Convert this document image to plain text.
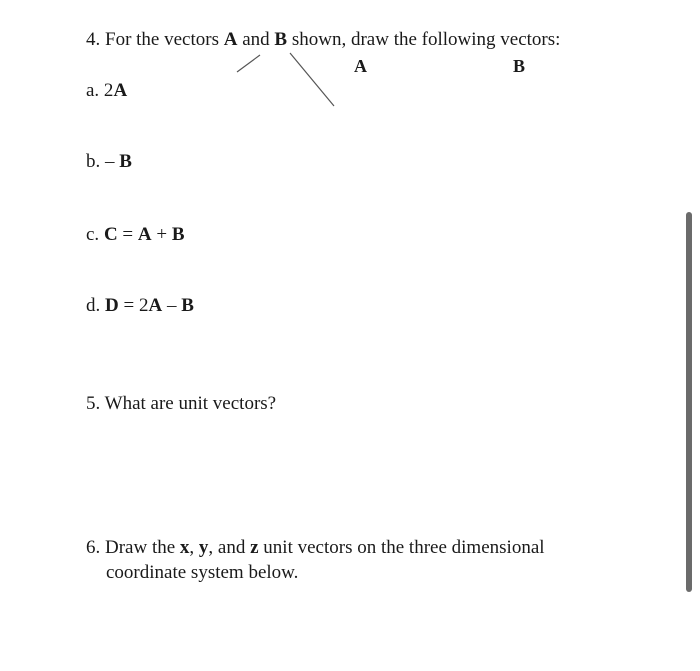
4. For the vectors A and B shown, draw the following vectors:
A	B
a. 2A
b. – B
c. C = A + B
d. D = 2A – B
5. What are unit vectors?
6. Draw the x, y, and z unit vectors on the three dimensional
coordinate system below.
